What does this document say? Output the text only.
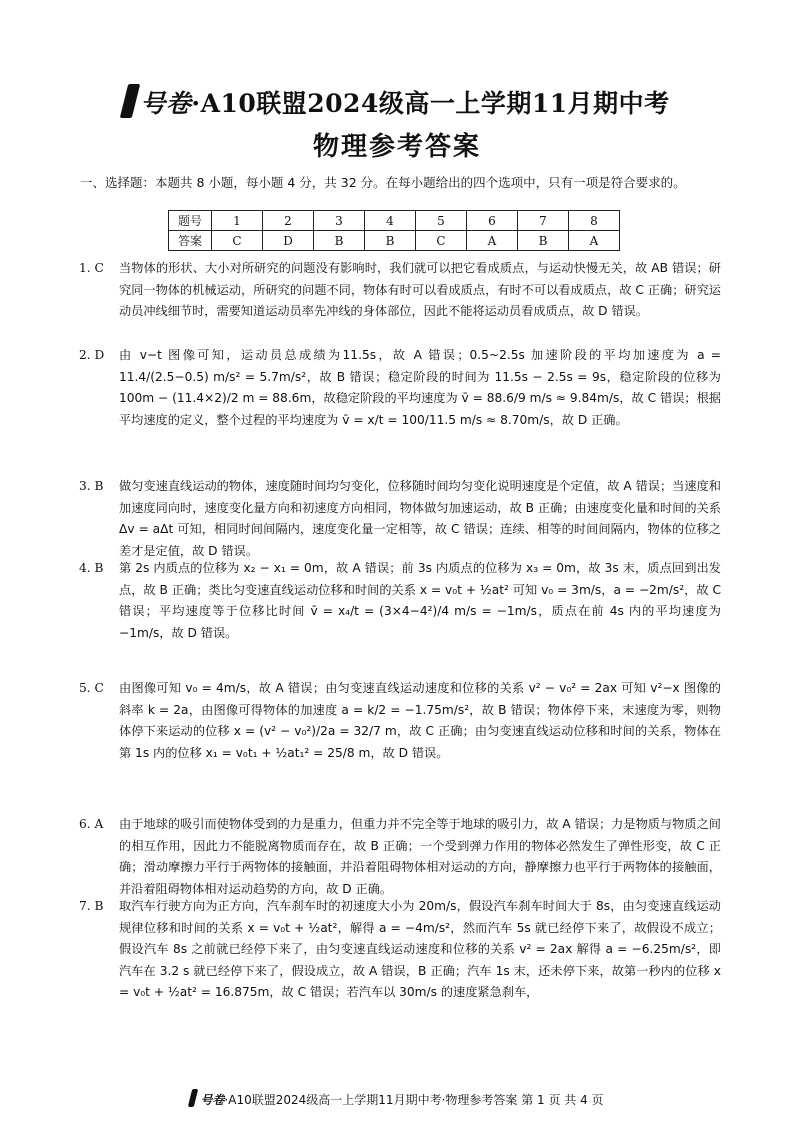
号卷·A10联盟2024级高一上学期11月期中考
物理参考答案
一、选择题：本题共 8 小题，每小题 4 分，共 32 分。在每小题给出的四个选项中，只有一项是符合要求的。
题号	1	2	3	4	5	6	7	8
答案	C	D	B	B	C	A	B	A
1. C 当物体的形状、大小对所研究的问题没有影响时，我们就可以把它看成质点，与运动快慢无关，故 AB 错误；研究同一物体的机械运动，所研究的问题不同，物体有时可以看成质点，有时不可以看成质点，故 C 正确；研究运动员冲线细节时，需要知道运动员率先冲线的身体部位，因此不能将运动员看成质点，故 D 错误。
2. D 由 v−t 图像可知，运动员总成绩为11.5s，故 A 错误；0.5~2.5s 加速阶段的平均加速度为 a = 11.4/(2.5−0.5) m/s² = 5.7m/s²，故 B 错误；稳定阶段的时间为 11.5s − 2.5s = 9s，稳定阶段的位移为 100m − (11.4×2)/2 m = 88.6m，故稳定阶段的平均速度为 v̄ = 88.6/9 m/s ≈ 9.84m/s，故 C 错误；根据平均速度的定义，整个过程的平均速度为 v̄ = x/t = 100/11.5 m/s ≈ 8.70m/s，故 D 正确。
3. B 做匀变速直线运动的物体，速度随时间均匀变化，位移随时间均匀变化说明速度是个定值，故 A 错误；当速度和加速度同向时，速度变化量方向和初速度方向相同，物体做匀加速运动，故 B 正确；由速度变化量和时间的关系 Δv = aΔt 可知，相同时间间隔内，速度变化量一定相等，故 C 错误；连续、相等的时间间隔内，物体的位移之差才是定值，故 D 错误。
4. B 第 2s 内质点的位移为 x₂ − x₁ = 0m，故 A 错误；前 3s 内质点的位移为 x₃ = 0m，故 3s 末，质点回到出发点，故 B 正确；类比匀变速直线运动位移和时间的关系 x = v₀t + ½at² 可知 v₀ = 3m/s，a = −2m/s²，故 C 错误；平均速度等于位移比时间 v̄ = x₄/t = (3×4−4²)/4 m/s = −1m/s，质点在前 4s 内的平均速度为 −1m/s，故 D 错误。
5. C 由图像可知 v₀ = 4m/s，故 A 错误；由匀变速直线运动速度和位移的关系 v² − v₀² = 2ax 可知 v²−x 图像的斜率 k = 2a，由图像可得物体的加速度 a = k/2 = −1.75m/s²，故 B 错误；物体停下来，末速度为零，则物体停下来运动的位移 x = (v² − v₀²)/2a = 32/7 m，故 C 正确；由匀变速直线运动位移和时间的关系，物体在第 1s 内的位移 x₁ = v₀t₁ + ½at₁² = 25/8 m，故 D 错误。
6. A 由于地球的吸引而使物体受到的力是重力，但重力并不完全等于地球的吸引力，故 A 错误；力是物质与物质之间的相互作用，因此力不能脱离物质而存在，故 B 正确；一个受到弹力作用的物体必然发生了弹性形变，故 C 正确；滑动摩擦力平行于两物体的接触面，并沿着阻碍物体相对运动的方向，静摩擦力也平行于两物体的接触面，并沿着阻碍物体相对运动趋势的方向，故 D 正确。
7. B 取汽车行驶方向为正方向，汽车刹车时的初速度大小为 20m/s，假设汽车刹车时间大于 8s，由匀变速直线运动规律位移和时间的关系 x = v₀t + ½at²，解得 a = −4m/s²，然而汽车 5s 就已经停下来了，故假设不成立；假设汽车 8s 之前就已经停下来了，由匀变速直线运动速度和位移的关系 v² = 2ax 解得 a = −6.25m/s²，即汽车在 3.2 s 就已经停下来了，假设成立，故 A 错误，B 正确；汽车 1s 末，还未停下来，故第一秒内的位移 x = v₀t + ½at² = 16.875m，故 C 错误；若汽车以 30m/s 的速度紧急刹车，
号卷·A10联盟2024级高一上学期11月期中考·物理参考答案 第 1 页 共 4 页
